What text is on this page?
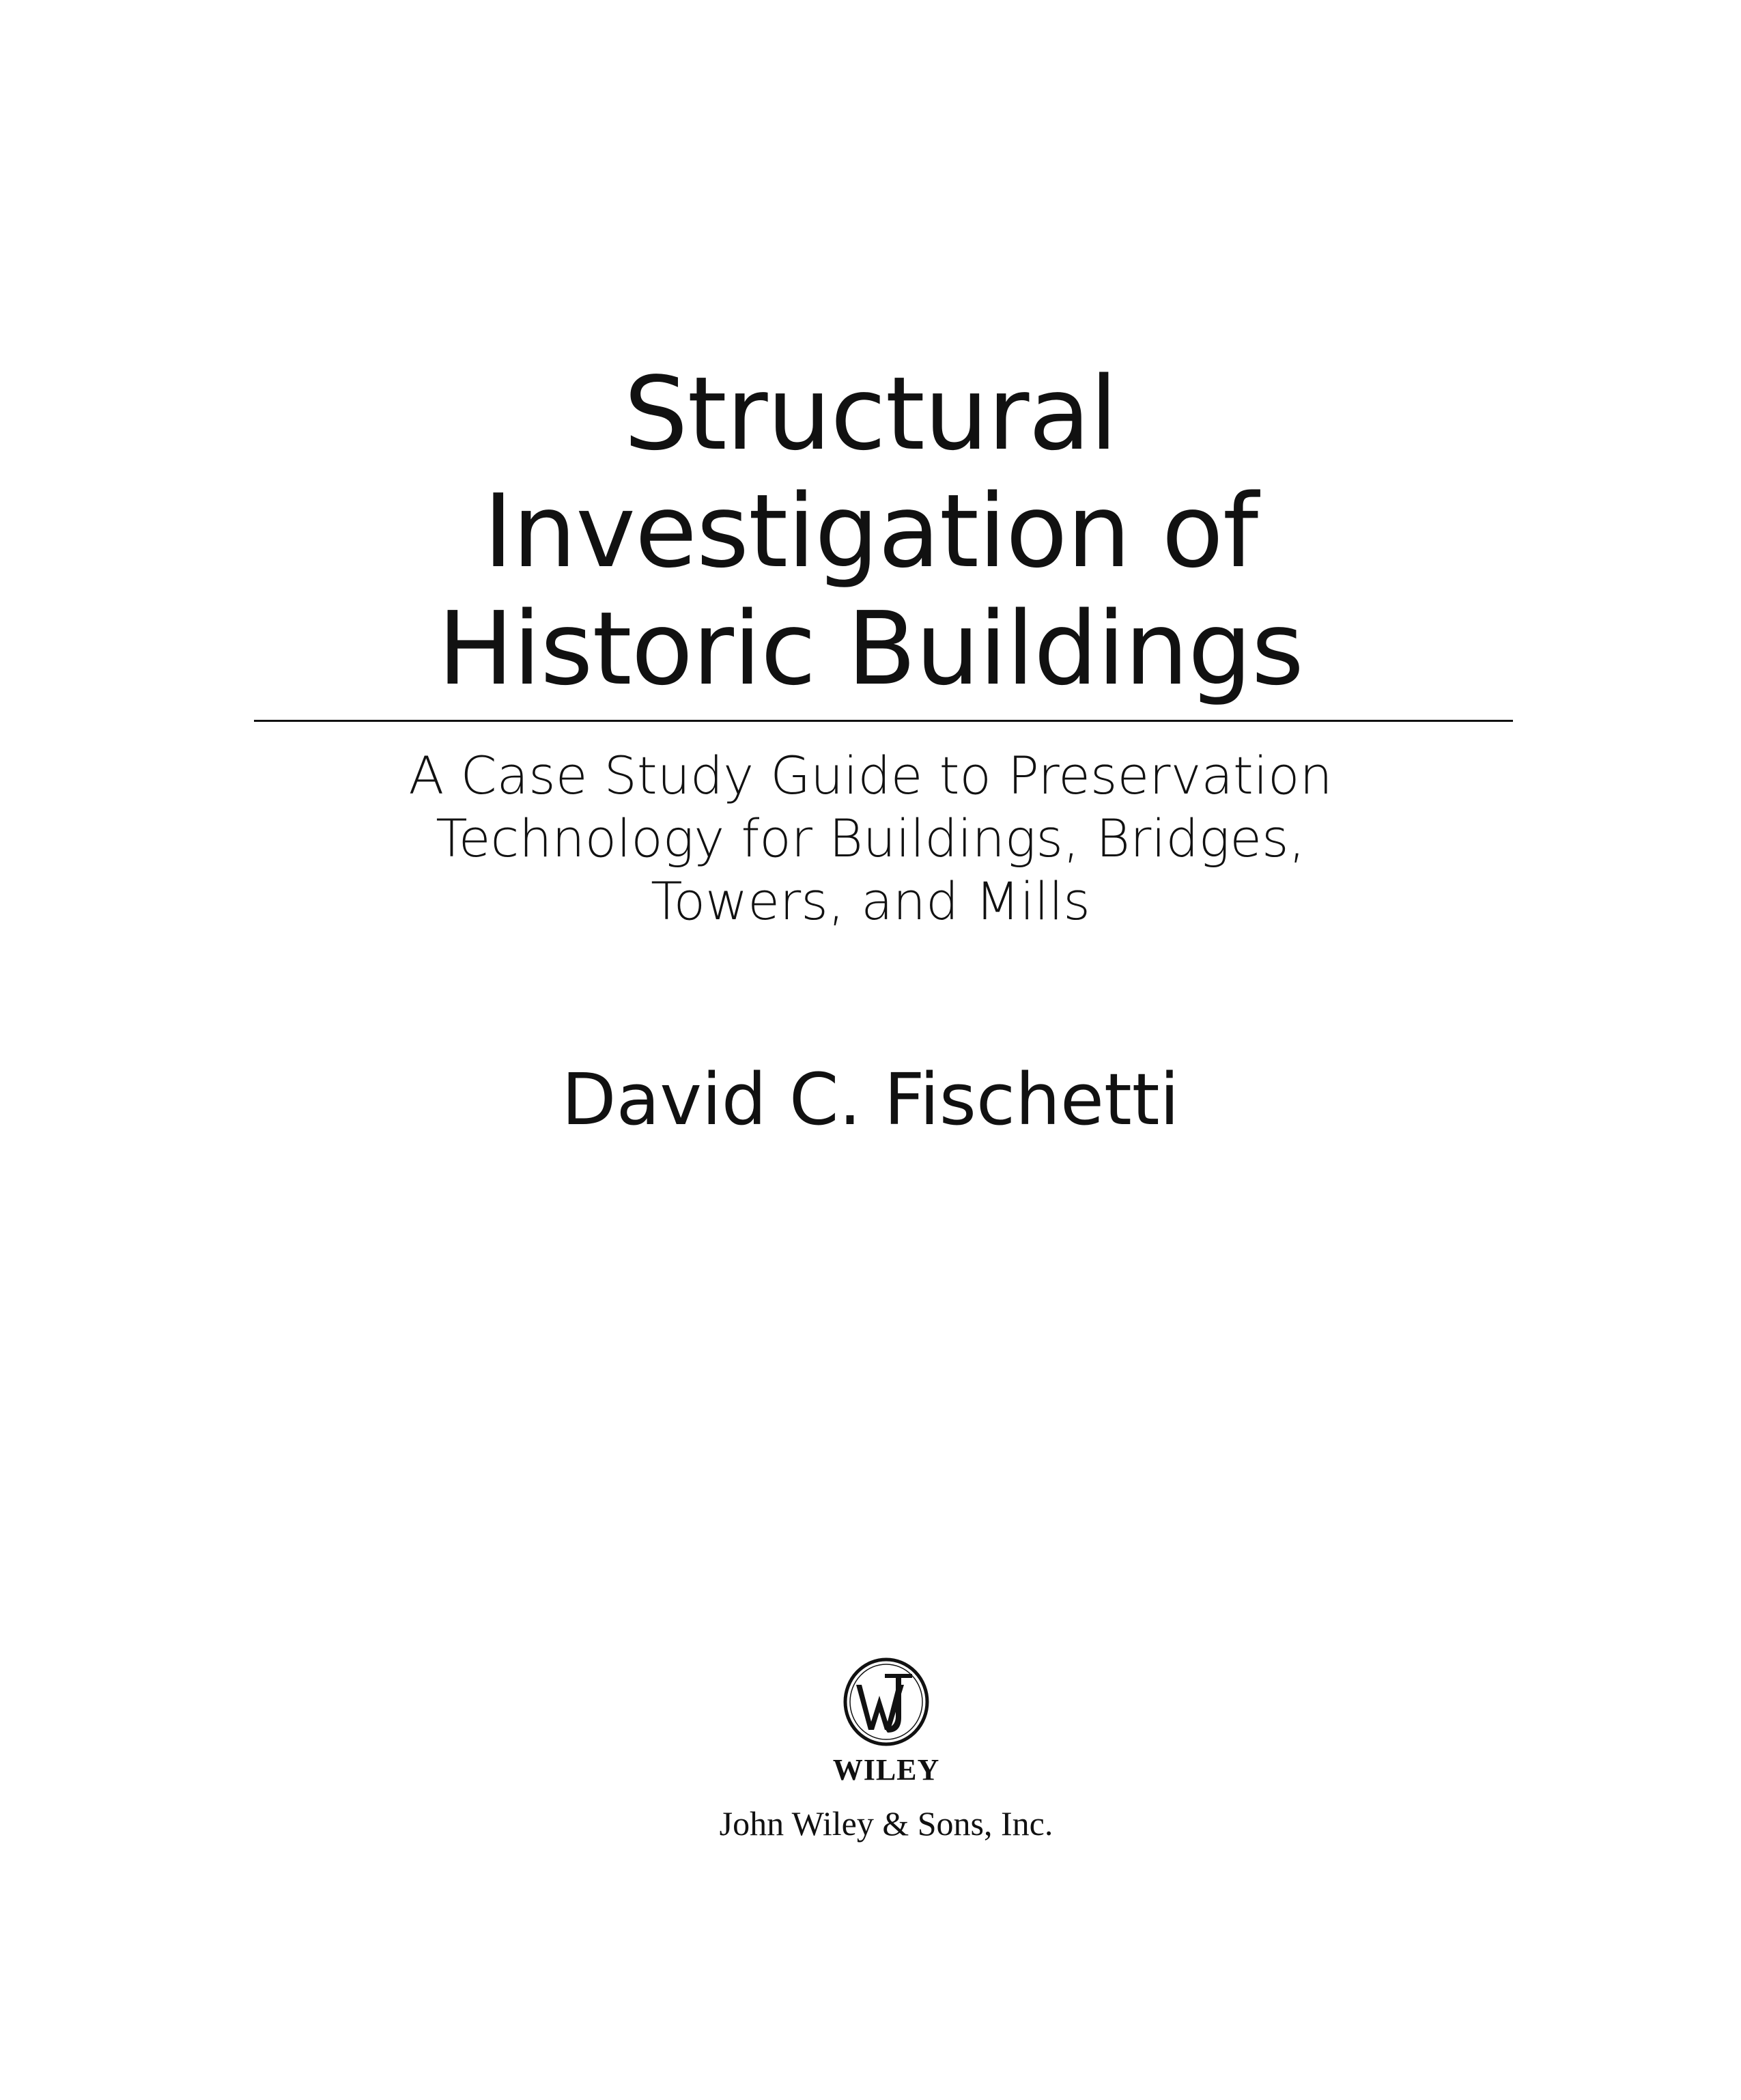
Structural
Investigation of
Historic Buildings
A Case Study Guide to Preservation
Technology for Buildings, Bridges,
Towers, and Mills
David C. Fischetti
WILEY
John Wiley & Sons, Inc.
